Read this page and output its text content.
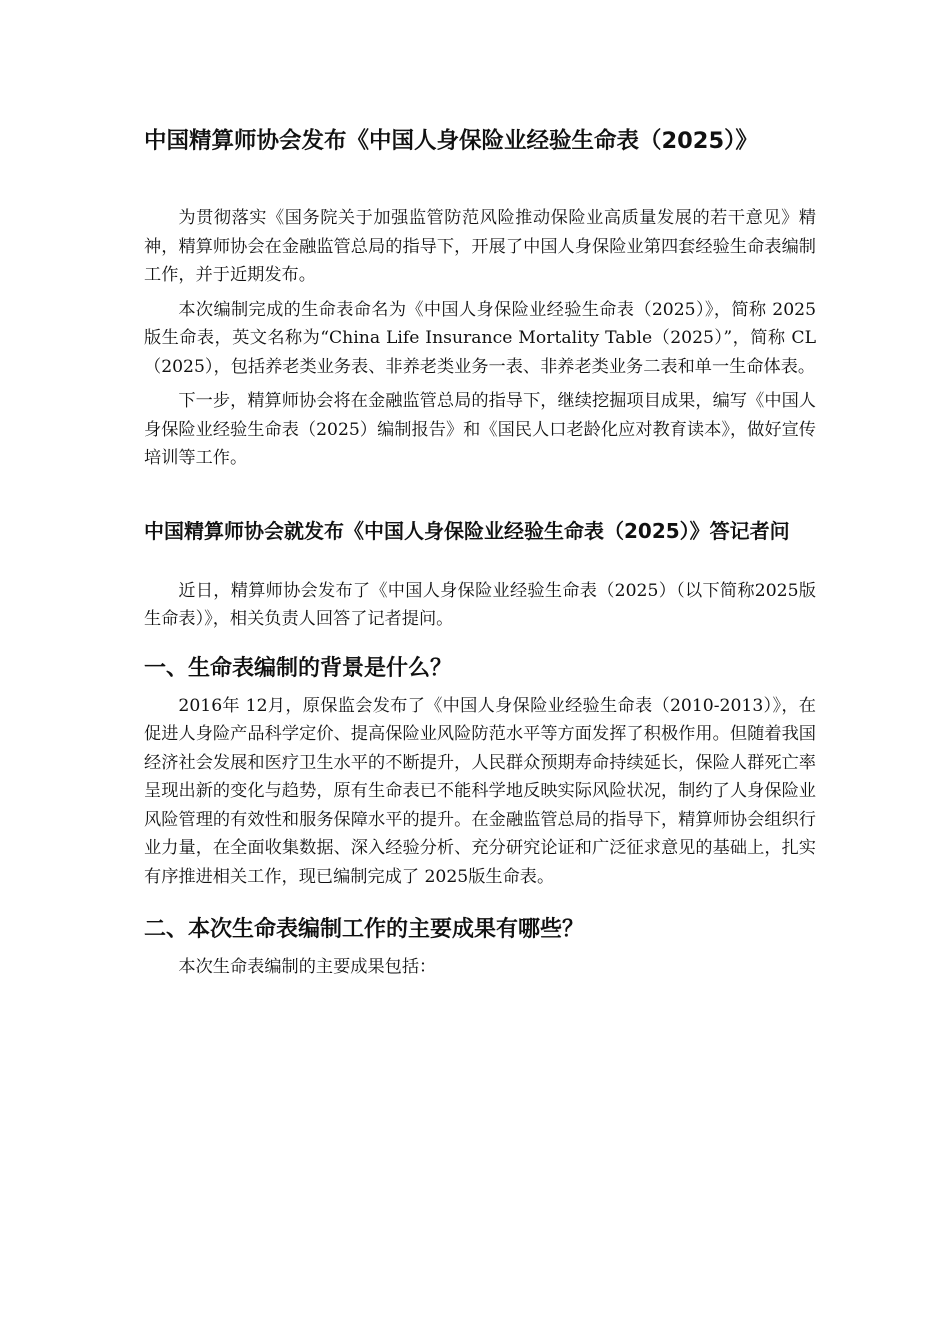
中国精算师协会发布《中国人身保险业经验生命表（2025）》

为贯彻落实《国务院关于加强监管防范风险推动保险业高质量发展的若干意见》精神，精算师协会在金融监管总局的指导下，开展了中国人身保险业第四套经验生命表编制工作，并于近期发布。

本次编制完成的生命表命名为《中国人身保险业经验生命表（2025）》，简称 2025版生命表，英文名称为“China Life Insurance Mortality Table（2025）”，简称 CL（2025），包括养老类业务表、非养老类业务一表、非养老类业务二表和单一生命体表。

下一步，精算师协会将在金融监管总局的指导下，继续挖掘项目成果，编写《中国人身保险业经验生命表（2025）编制报告》和《国民人口老龄化应对教育读本》，做好宣传培训等工作。

中国精算师协会就发布《中国人身保险业经验生命表（2025）》答记者问

近日，精算师协会发布了《中国人身保险业经验生命表（2025）（以下简称2025版生命表）》，相关负责人回答了记者提问。

一、生命表编制的背景是什么？

2016年 12月，原保监会发布了《中国人身保险业经验生命表（2010-2013）》，在促进人身险产品科学定价、提高保险业风险防范水平等方面发挥了积极作用。但随着我国经济社会发展和医疗卫生水平的不断提升，人民群众预期寿命持续延长，保险人群死亡率呈现出新的变化与趋势，原有生命表已不能科学地反映实际风险状况，制约了人身保险业风险管理的有效性和服务保障水平的提升。在金融监管总局的指导下，精算师协会组织行业力量，在全面收集数据、深入经验分析、充分研究论证和广泛征求意见的基础上，扎实有序推进相关工作，现已编制完成了 2025版生命表。

二、本次生命表编制工作的主要成果有哪些？

本次生命表编制的主要成果包括：
